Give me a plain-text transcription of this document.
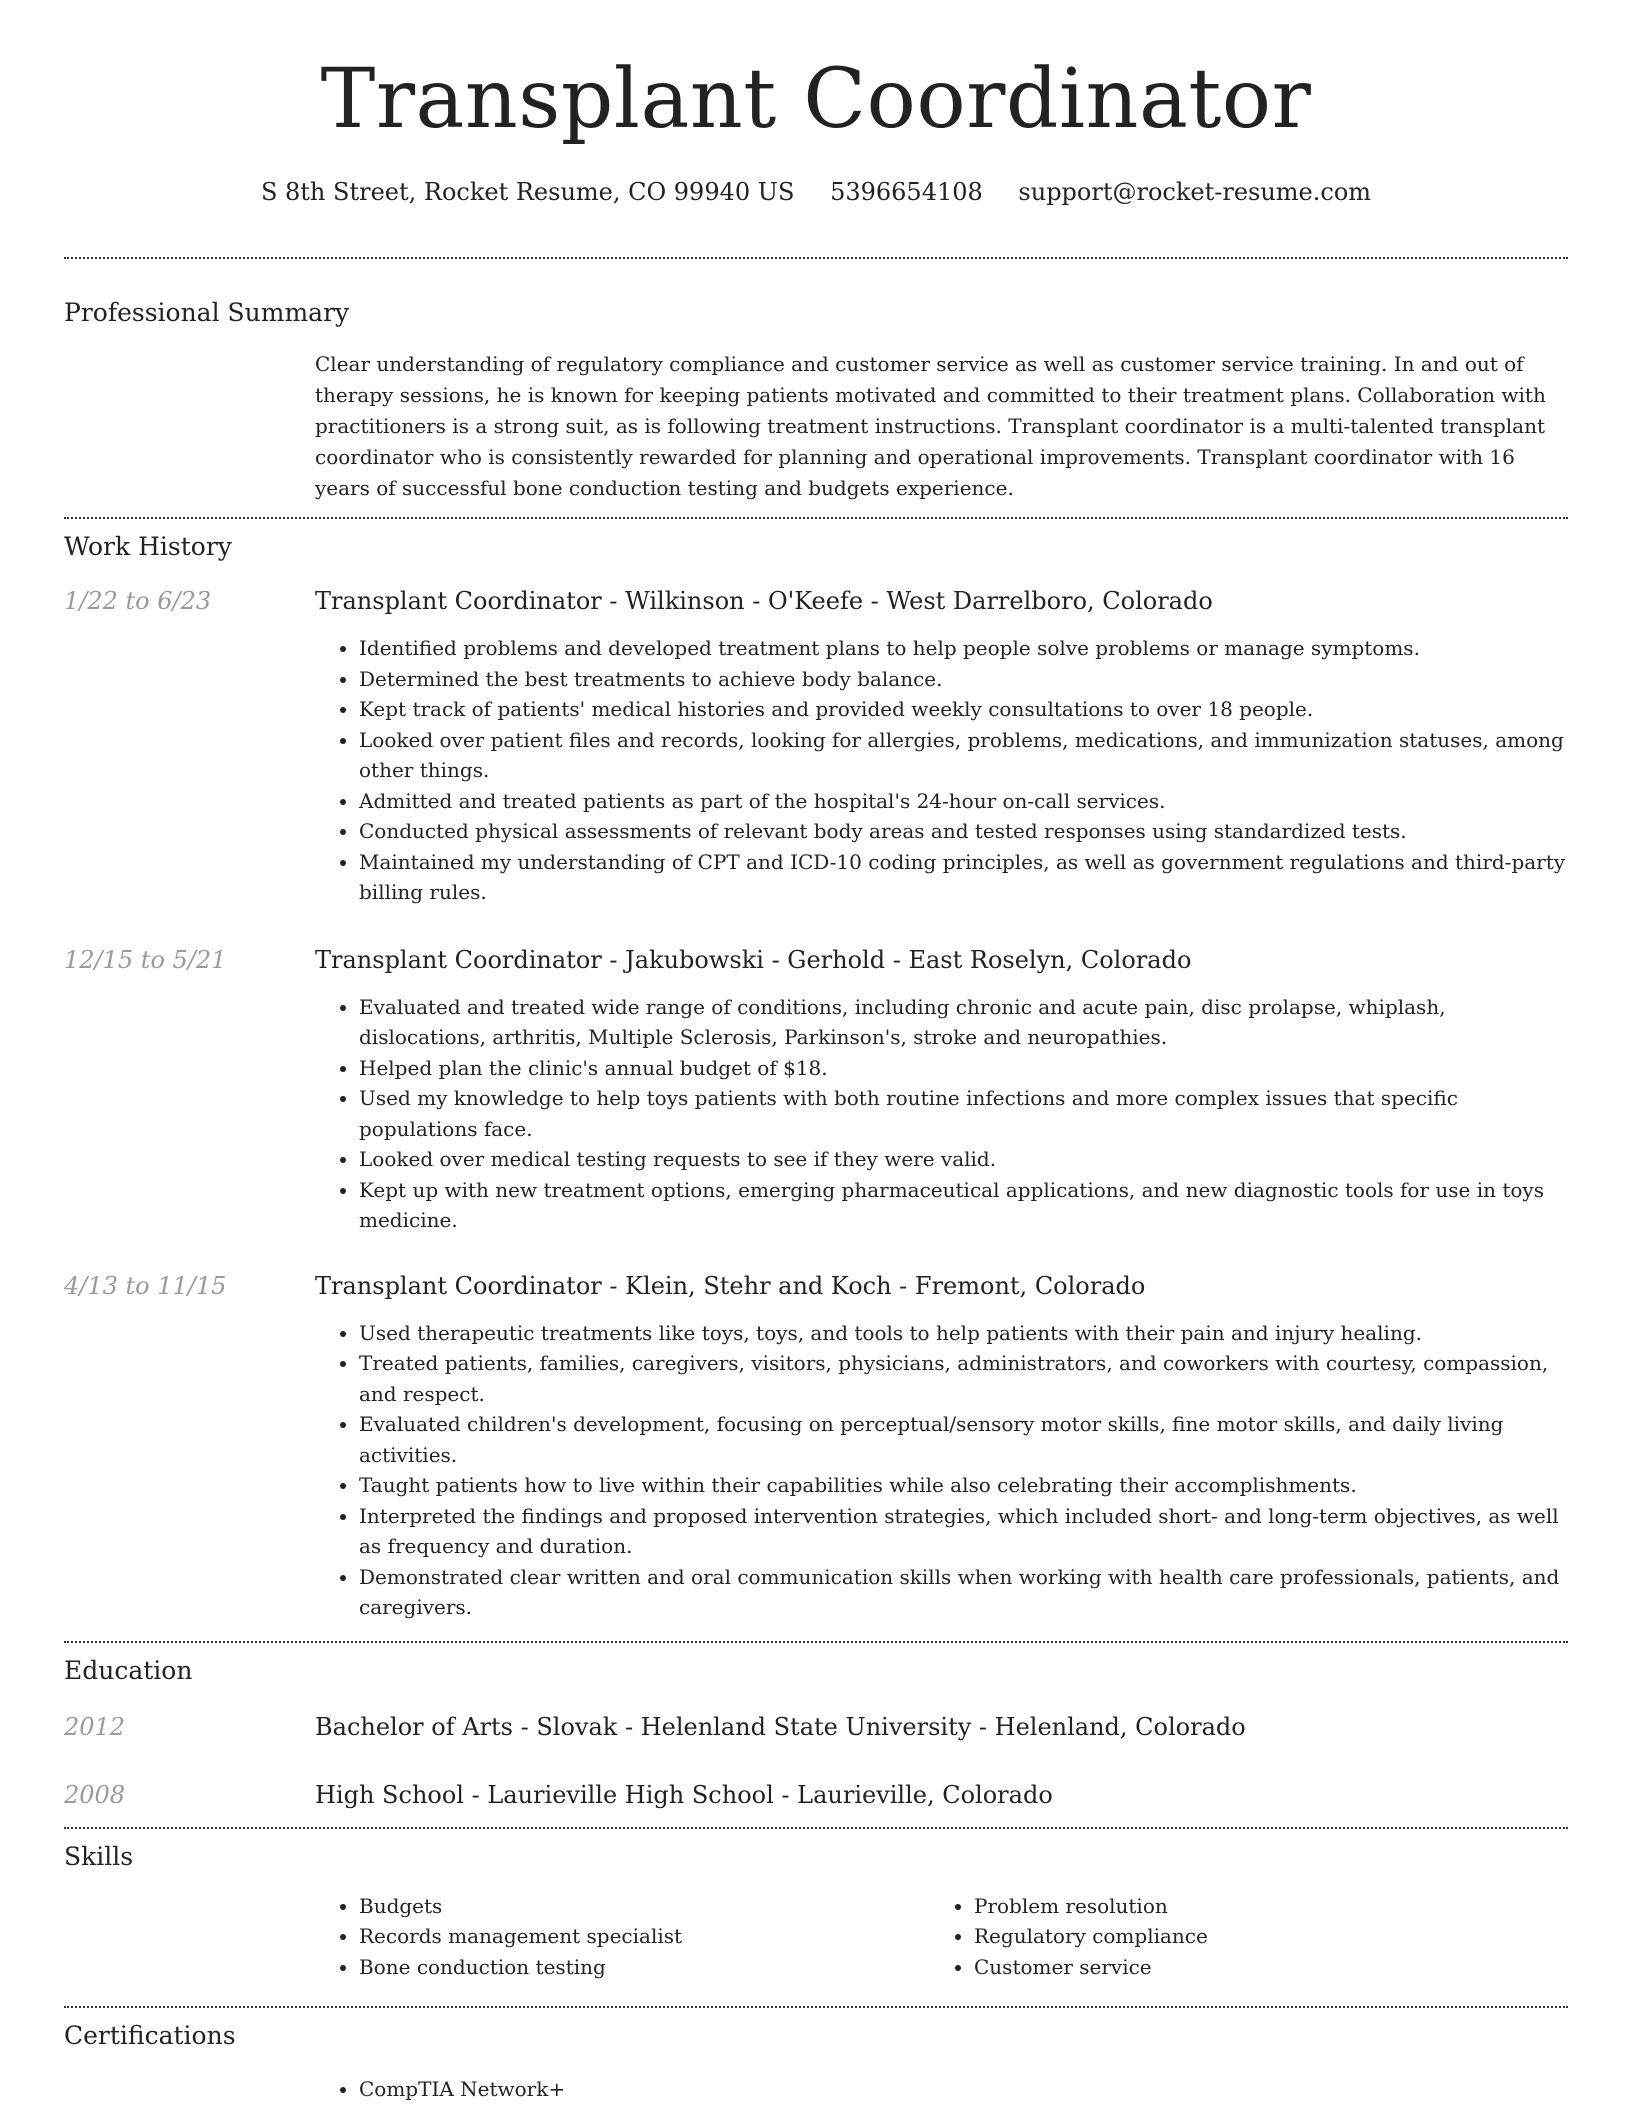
Transplant Coordinator
S 8th Street, Rocket Resume, CO 99940 US 5396654108 support@rocket-resume.com
Professional Summary
Clear understanding of regulatory compliance and customer service as well as customer service training. In and out of therapy sessions, he is known for keeping patients motivated and committed to their treatment plans. Collaboration with practitioners is a strong suit, as is following treatment instructions. Transplant coordinator is a multi-talented transplant coordinator who is consistently rewarded for planning and operational improvements. Transplant coordinator with 16 years of successful bone conduction testing and budgets experience.
Work History
1/22 to 6/23	Transplant Coordinator - Wilkinson - O'Keefe - West Darrelboro, Colorado
• Identified problems and developed treatment plans to help people solve problems or manage symptoms.
• Determined the best treatments to achieve body balance.
• Kept track of patients' medical histories and provided weekly consultations to over 18 people.
• Looked over patient files and records, looking for allergies, problems, medications, and immunization statuses, among other things.
• Admitted and treated patients as part of the hospital's 24-hour on-call services.
• Conducted physical assessments of relevant body areas and tested responses using standardized tests.
• Maintained my understanding of CPT and ICD-10 coding principles, as well as government regulations and third-party billing rules.
12/15 to 5/21	Transplant Coordinator - Jakubowski - Gerhold - East Roselyn, Colorado
• Evaluated and treated wide range of conditions, including chronic and acute pain, disc prolapse, whiplash, dislocations, arthritis, Multiple Sclerosis, Parkinson's, stroke and neuropathies.
• Helped plan the clinic's annual budget of $18.
• Used my knowledge to help toys patients with both routine infections and more complex issues that specific populations face.
• Looked over medical testing requests to see if they were valid.
• Kept up with new treatment options, emerging pharmaceutical applications, and new diagnostic tools for use in toys medicine.
4/13 to 11/15	Transplant Coordinator - Klein, Stehr and Koch - Fremont, Colorado
• Used therapeutic treatments like toys, toys, and tools to help patients with their pain and injury healing.
• Treated patients, families, caregivers, visitors, physicians, administrators, and coworkers with courtesy, compassion, and respect.
• Evaluated children's development, focusing on perceptual/sensory motor skills, fine motor skills, and daily living activities.
• Taught patients how to live within their capabilities while also celebrating their accomplishments.
• Interpreted the findings and proposed intervention strategies, which included short- and long-term objectives, as well as frequency and duration.
• Demonstrated clear written and oral communication skills when working with health care professionals, patients, and caregivers.
Education
2012	Bachelor of Arts - Slovak - Helenland State University - Helenland, Colorado
2008	High School - Laurieville High School - Laurieville, Colorado
Skills
• Budgets
• Records management specialist
• Bone conduction testing
• Problem resolution
• Regulatory compliance
• Customer service
Certifications
• CompTIA Network+
